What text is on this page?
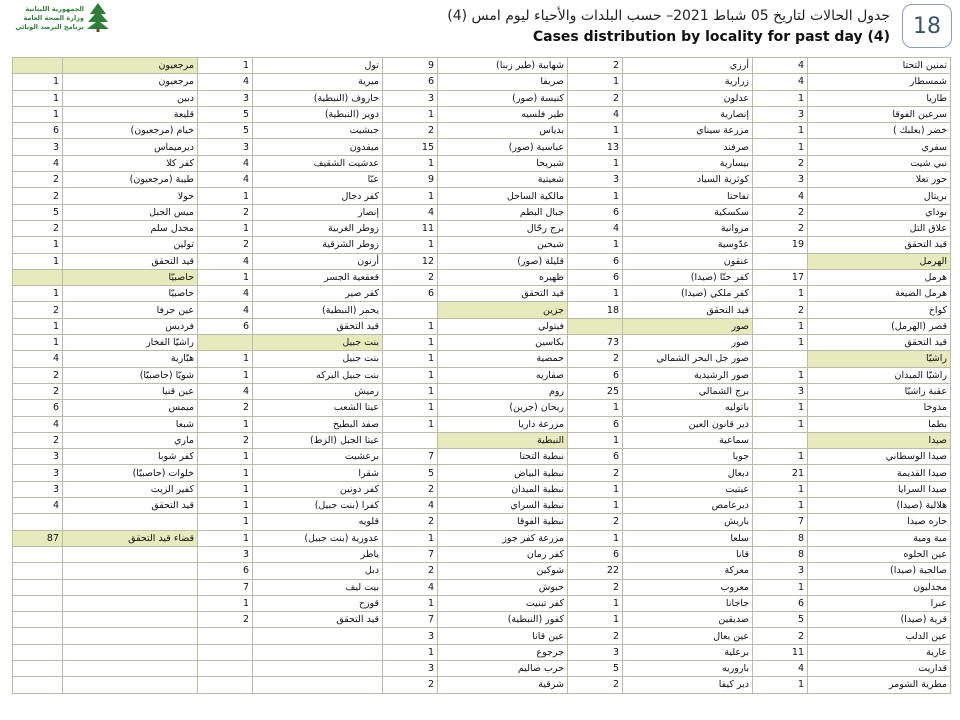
الجمهورية اللبنانية
وزارة الصحة العامة
برنامج الترصد الوبائي
جدول الحالات لتاريخ 05 شباط 2021– حسب البلدات والأحياء ليوم امس (4)
Cases distribution by locality for past day (4) 18
	مرجعيون	1	تول	9	شهابية (طير زبنا)	2	أرزي	4	تمنين التحتا
1	مرجعيون	4	ميرية	6	صريفا	1	زرارية	4	شمسطار
1	دبين	3	حاروف (النبطية)	3	كنيسة (صور)	2	عدلون	1	طاريا
1	قليعة	5	دوير (النبطية)	1	طير فلسيه	4	إنصارية	3	سرعين الفوقا
6	خيام (مرجعيون)	5	جبشيت	2	بدياس	1	مزرعة سيناي	1	خضر (بعلبك )
3	ديرميماس	3	ميفدون	15	عباسية (صور)	13	صرفند	1	سفري
4	كفر كلا	4	عدشيت الشقيف	1	شبريحا	1	بيسارية	2	نبي شيت
2	طيبة (مرجعيون)	4	عبّا	9	شعيتية	3	كوثرية السياد	3	حور تعلا
2	حولا	1	كفر دجال	1	مالكية الساحل	1	تفاحتا	4	بريتال
5	ميس الجبل	2	إنصار	4	جبال البطم	6	سكسكية	2	بوداي
2	مجدل سلم	1	زوطر الغربية	11	برج رحّال	4	مروانية	2	علاق التل
1	تولين	2	زوطر الشرقية	1	شيحين	1	عدّوسية	19	قيد التحقق
1	قيد التحقق	4	أرنون	12	قليلة (صور)	6	عنقون		الهرمل
	حاصبيّا	1	قعقعية الجسر	2	ظهيره	6	كفر حتّا (صيدا)	17	هرمل
1	حاصبيّا	4	كفر صير	6	قيد التحقق	1	كفر ملكي (صيدا)	1	هرمل الضيعة
2	عين جرفا	4	يحمر (النبطية)		جزين	18	قيد التحقق	2	كواخ
1	فرديس	6	قيد التحقق	1	فيتولي		صور	1	قصر (الهرمل)
1	راشيّا الفخار		بنت جبيل	1	بكاسين	73	صور	1	قيد التحقق
4	هبّارية	1	بنت جبيل	1	حمصية	2	صور جل البحر الشمالي		راشيّا
2	شويّا (حاصبيّا)	1	بنت جبيل البركه	1	صفاريه	6	صور الرشيدية	1	راشيّا الميدان
2	عين قنيا	4	رميش	1	روم	25	برج الشمالي	3	عقبة راشيّا
6	ميمس	2	عيتا الشعب	1	ريحان (جزين)	1	باتوليه	1	مدوخا
4	شبعا	1	صفد البطيخ	1	مزرعة داريا	6	دير قانون العين	1	بطما
2	ماري	2	عيتا الجبل (الزط)		النبطية	1	سماعية		صيدا
3	كفر شوبا	1	برعشيت	7	نبطية التحتا	6	جويا	1	صيدا الوسطاني
3	خلوات (حاصبيّا)	1	شقرا	5	نبطية البياض	2	دبعال	21	صيدا القديمة
3	كفير الزيت	1	كفر دونين	2	نبطية الميدان	1	عيتيت	1	صيدا السرايا
4	قيد التحقق	1	كفرا (بنت جبيل)	4	نبطية السراي	1	ديرعامص	1	هلالية (صيدا)
		1	قلويه	2	نبطية الفوقا	2	باريش	7	حاره صيدا
87	قضاء قيد التحقق	1	عدورية (بنت جبيل)	1	مزرعة كفر جوز	1	سلعا	8	مية ومية
		3	ياطر	7	كفر رمان	6	قانا	8	عين الحلوه
		6	دبل	2	شوكين	22	معركة	3	صالحية (صيدا)
		7	بيت ليف	4	حبوش	2	معروب	1	مجدليون
		1	قوزح	1	كفر تبنيت	1	جاجانا	6	عبرا
		2	قيد التحقق	7	كفور (النبطية)	1	صديقين	5	قرية (صيدا)
				3	عين قانا	2	عين بعال	2	عين الدلب
				1	جرجوع	3	برعلية	11	عارية
				3	حرب صاليم	5	باروريه	4	قداريت
				2	شرقية	2	دير كيفا	1	مطرية الشومر
